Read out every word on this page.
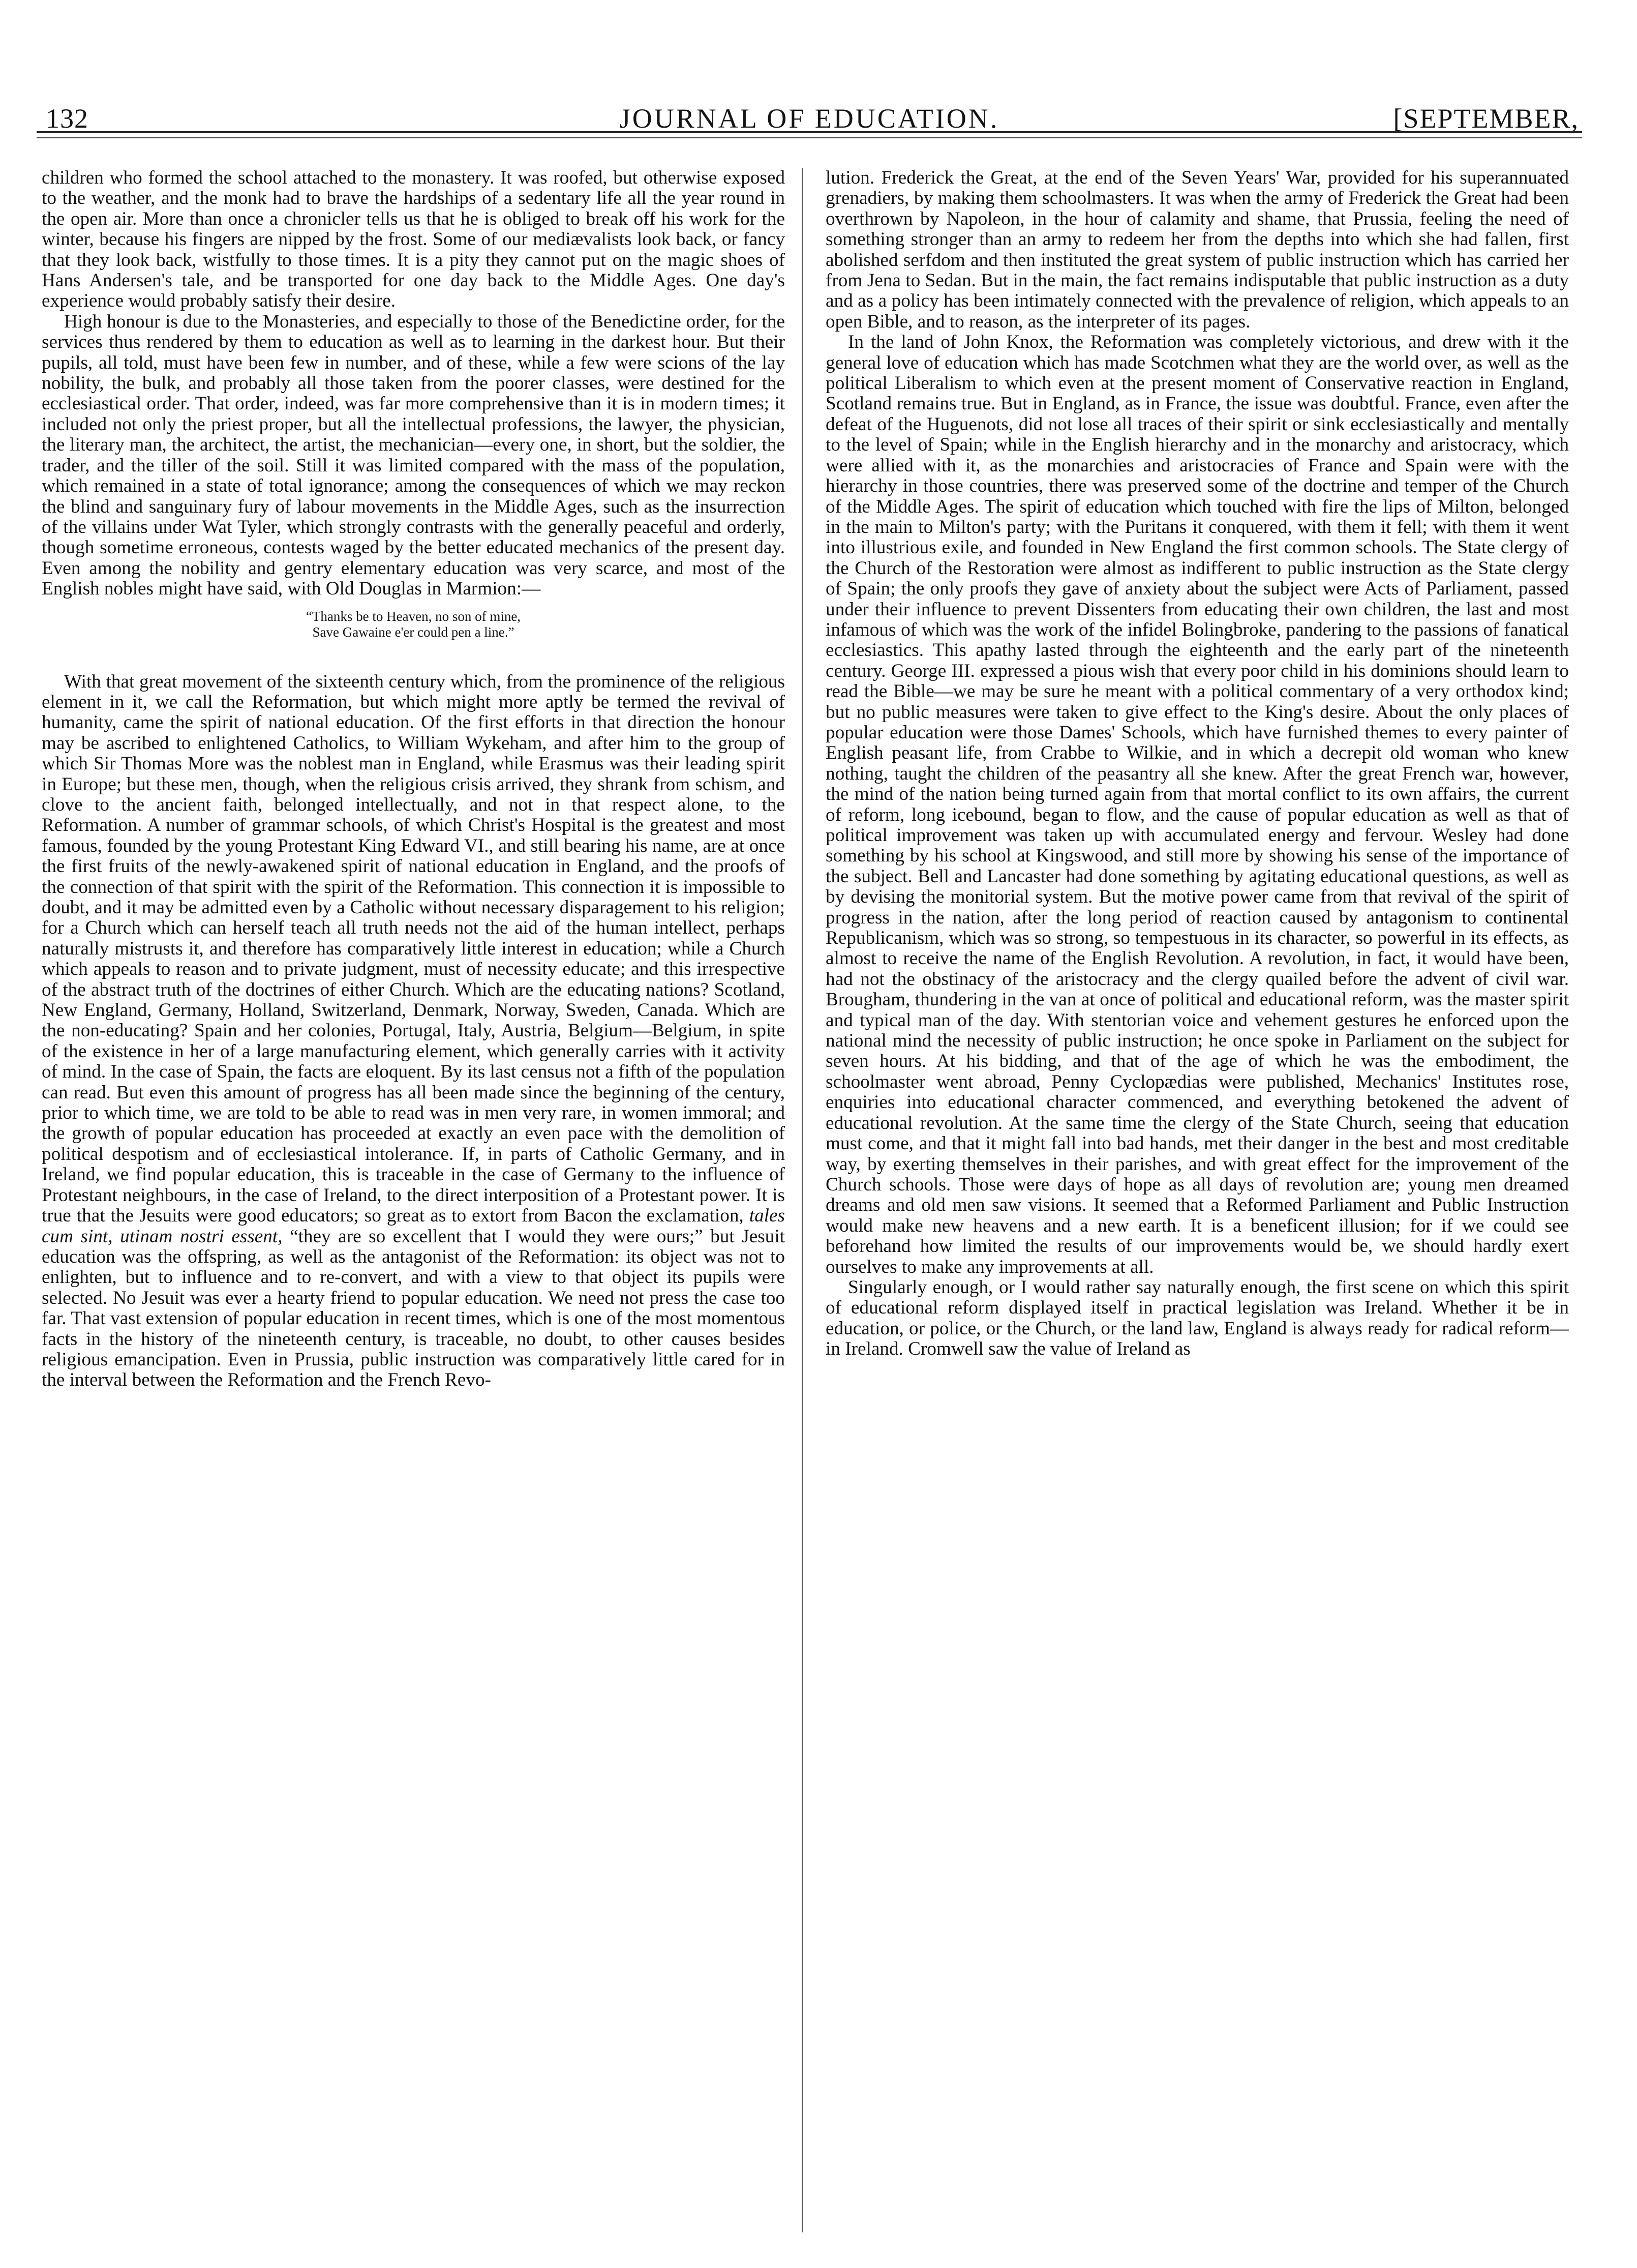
132	JOURNAL OF EDUCATION.	[SEPTEMBER,

children who formed the school attached to the monastery. It was roofed, but otherwise exposed to the weather, and the monk had to brave the hardships of a sedentary life all the year round in the open air. More than once a chronicler tells us that he is obliged to break off his work for the winter, because his fingers are nipped by the frost. Some of our mediævalists look back, or fancy that they look back, wistfully to those times. It is a pity they cannot put on the magic shoes of Hans Andersen's tale, and be transported for one day back to the Middle Ages. One day's experience would probably satisfy their desire.

High honour is due to the Monasteries, and especially to those of the Benedictine order, for the services thus rendered by them to education as well as to learning in the darkest hour. But their pupils, all told, must have been few in number, and of these, while a few were scions of the lay nobility, the bulk, and probably all those taken from the poorer classes, were destined for the ecclesiastical order. That order, indeed, was far more comprehensive than it is in modern times; it included not only the priest proper, but all the intellectual professions, the lawyer, the physician, the literary man, the architect, the artist, the mechanician—every one, in short, but the soldier, the trader, and the tiller of the soil. Still it was limited compared with the mass of the population, which remained in a state of total ignorance; among the consequences of which we may reckon the blind and sanguinary fury of labour movements in the Middle Ages, such as the insurrection of the villains under Wat Tyler, which strongly contrasts with the generally peaceful and orderly, though sometime erroneous, contests waged by the better educated mechanics of the present day. Even among the nobility and gentry elementary education was very scarce, and most of the English nobles might have said, with Old Douglas in Marmion:—

“Thanks be to Heaven, no son of mine,
Save Gawaine e'er could pen a line.”

With that great movement of the sixteenth century which, from the prominence of the religious element in it, we call the Reformation, but which might more aptly be termed the revival of humanity, came the spirit of national education. Of the first efforts in that direction the honour may be ascribed to enlightened Catholics, to William Wykeham, and after him to the group of which Sir Thomas More was the noblest man in England, while Erasmus was their leading spirit in Europe; but these men, though, when the religious crisis arrived, they shrank from schism, and clove to the ancient faith, belonged intellectually, and not in that respect alone, to the Reformation. A number of grammar schools, of which Christ's Hospital is the greatest and most famous, founded by the young Protestant King Edward VI., and still bearing his name, are at once the first fruits of the newly-awakened spirit of national education in England, and the proofs of the connection of that spirit with the spirit of the Reformation. This connection it is impossible to doubt, and it may be admitted even by a Catholic without necessary disparagement to his religion; for a Church which can herself teach all truth needs not the aid of the human intellect, perhaps naturally mistrusts it, and therefore has comparatively little interest in education; while a Church which appeals to reason and to private judgment, must of necessity educate; and this irrespective of the abstract truth of the doctrines of either Church. Which are the educating nations? Scotland, New England, Germany, Holland, Switzerland, Denmark, Norway, Sweden, Canada. Which are the non-educating? Spain and her colonies, Portugal, Italy, Austria, Belgium—Belgium, in spite of the existence in her of a large manufacturing element, which generally carries with it activity of mind. In the case of Spain, the facts are eloquent. By its last census not a fifth of the population can read. But even this amount of progress has all been made since the beginning of the century, prior to which time, we are told to be able to read was in men very rare, in women immoral; and the growth of popular education has proceeded at exactly an even pace with the demolition of political despotism and of ecclesiastical intolerance. If, in parts of Catholic Germany, and in Ireland, we find popular education, this is traceable in the case of Germany to the influence of Protestant neighbours, in the case of Ireland, to the direct interposition of a Protestant power. It is true that the Jesuits were good educators; so great as to extort from Bacon the exclamation, tales cum sint, utinam nostri essent, “they are so excellent that I would they were ours;” but Jesuit education was the offspring, as well as the antagonist of the Reformation: its object was not to enlighten, but to influence and to re-convert, and with a view to that object its pupils were selected. No Jesuit was ever a hearty friend to popular education. We need not press the case too far. That vast extension of popular education in recent times, which is one of the most momentous facts in the history of the nineteenth century, is traceable, no doubt, to other causes besides religious emancipation. Even in Prussia, public instruction was comparatively little cared for in the interval between the Reformation and the French Revo-

lution. Frederick the Great, at the end of the Seven Years' War, provided for his superannuated grenadiers, by making them schoolmasters. It was when the army of Frederick the Great had been overthrown by Napoleon, in the hour of calamity and shame, that Prussia, feeling the need of something stronger than an army to redeem her from the depths into which she had fallen, first abolished serfdom and then instituted the great system of public instruction which has carried her from Jena to Sedan. But in the main, the fact remains indisputable that public instruction as a duty and as a policy has been intimately connected with the prevalence of religion, which appeals to an open Bible, and to reason, as the interpreter of its pages.

In the land of John Knox, the Reformation was completely victorious, and drew with it the general love of education which has made Scotchmen what they are the world over, as well as the political Liberalism to which even at the present moment of Conservative reaction in England, Scotland remains true. But in England, as in France, the issue was doubtful. France, even after the defeat of the Huguenots, did not lose all traces of their spirit or sink ecclesiastically and mentally to the level of Spain; while in the English hierarchy and in the monarchy and aristocracy, which were allied with it, as the monarchies and aristocracies of France and Spain were with the hierarchy in those countries, there was preserved some of the doctrine and temper of the Church of the Middle Ages. The spirit of education which touched with fire the lips of Milton, belonged in the main to Milton's party; with the Puritans it conquered, with them it fell; with them it went into illustrious exile, and founded in New England the first common schools. The State clergy of the Church of the Restoration were almost as indifferent to public instruction as the State clergy of Spain; the only proofs they gave of anxiety about the subject were Acts of Parliament, passed under their influence to prevent Dissenters from educating their own children, the last and most infamous of which was the work of the infidel Bolingbroke, pandering to the passions of fanatical ecclesiastics. This apathy lasted through the eighteenth and the early part of the nineteenth century. George III. expressed a pious wish that every poor child in his dominions should learn to read the Bible—we may be sure he meant with a political commentary of a very orthodox kind; but no public measures were taken to give effect to the King's desire. About the only places of popular education were those Dames' Schools, which have furnished themes to every painter of English peasant life, from Crabbe to Wilkie, and in which a decrepit old woman who knew nothing, taught the children of the peasantry all she knew. After the great French war, however, the mind of the nation being turned again from that mortal conflict to its own affairs, the current of reform, long icebound, began to flow, and the cause of popular education as well as that of political improvement was taken up with accumulated energy and fervour. Wesley had done something by his school at Kingswood, and still more by showing his sense of the importance of the subject. Bell and Lancaster had done something by agitating educational questions, as well as by devising the monitorial system. But the motive power came from that revival of the spirit of progress in the nation, after the long period of reaction caused by antagonism to continental Republicanism, which was so strong, so tempestuous in its character, so powerful in its effects, as almost to receive the name of the English Revolution. A revolution, in fact, it would have been, had not the obstinacy of the aristocracy and the clergy quailed before the advent of civil war. Brougham, thundering in the van at once of political and educational reform, was the master spirit and typical man of the day. With stentorian voice and vehement gestures he enforced upon the national mind the necessity of public instruction; he once spoke in Parliament on the subject for seven hours. At his bidding, and that of the age of which he was the embodiment, the schoolmaster went abroad, Penny Cyclopædias were published, Mechanics' Institutes rose, enquiries into educational character commenced, and everything betokened the advent of educational revolution. At the same time the clergy of the State Church, seeing that education must come, and that it might fall into bad hands, met their danger in the best and most creditable way, by exerting themselves in their parishes, and with great effect for the improvement of the Church schools. Those were days of hope as all days of revolution are; young men dreamed dreams and old men saw visions. It seemed that a Reformed Parliament and Public Instruction would make new heavens and a new earth. It is a beneficent illusion; for if we could see beforehand how limited the results of our improvements would be, we should hardly exert ourselves to make any improvements at all.

Singularly enough, or I would rather say naturally enough, the first scene on which this spirit of educational reform displayed itself in practical legislation was Ireland. Whether it be in education, or police, or the Church, or the land law, England is always ready for radical reform—in Ireland. Cromwell saw the value of Ireland as
